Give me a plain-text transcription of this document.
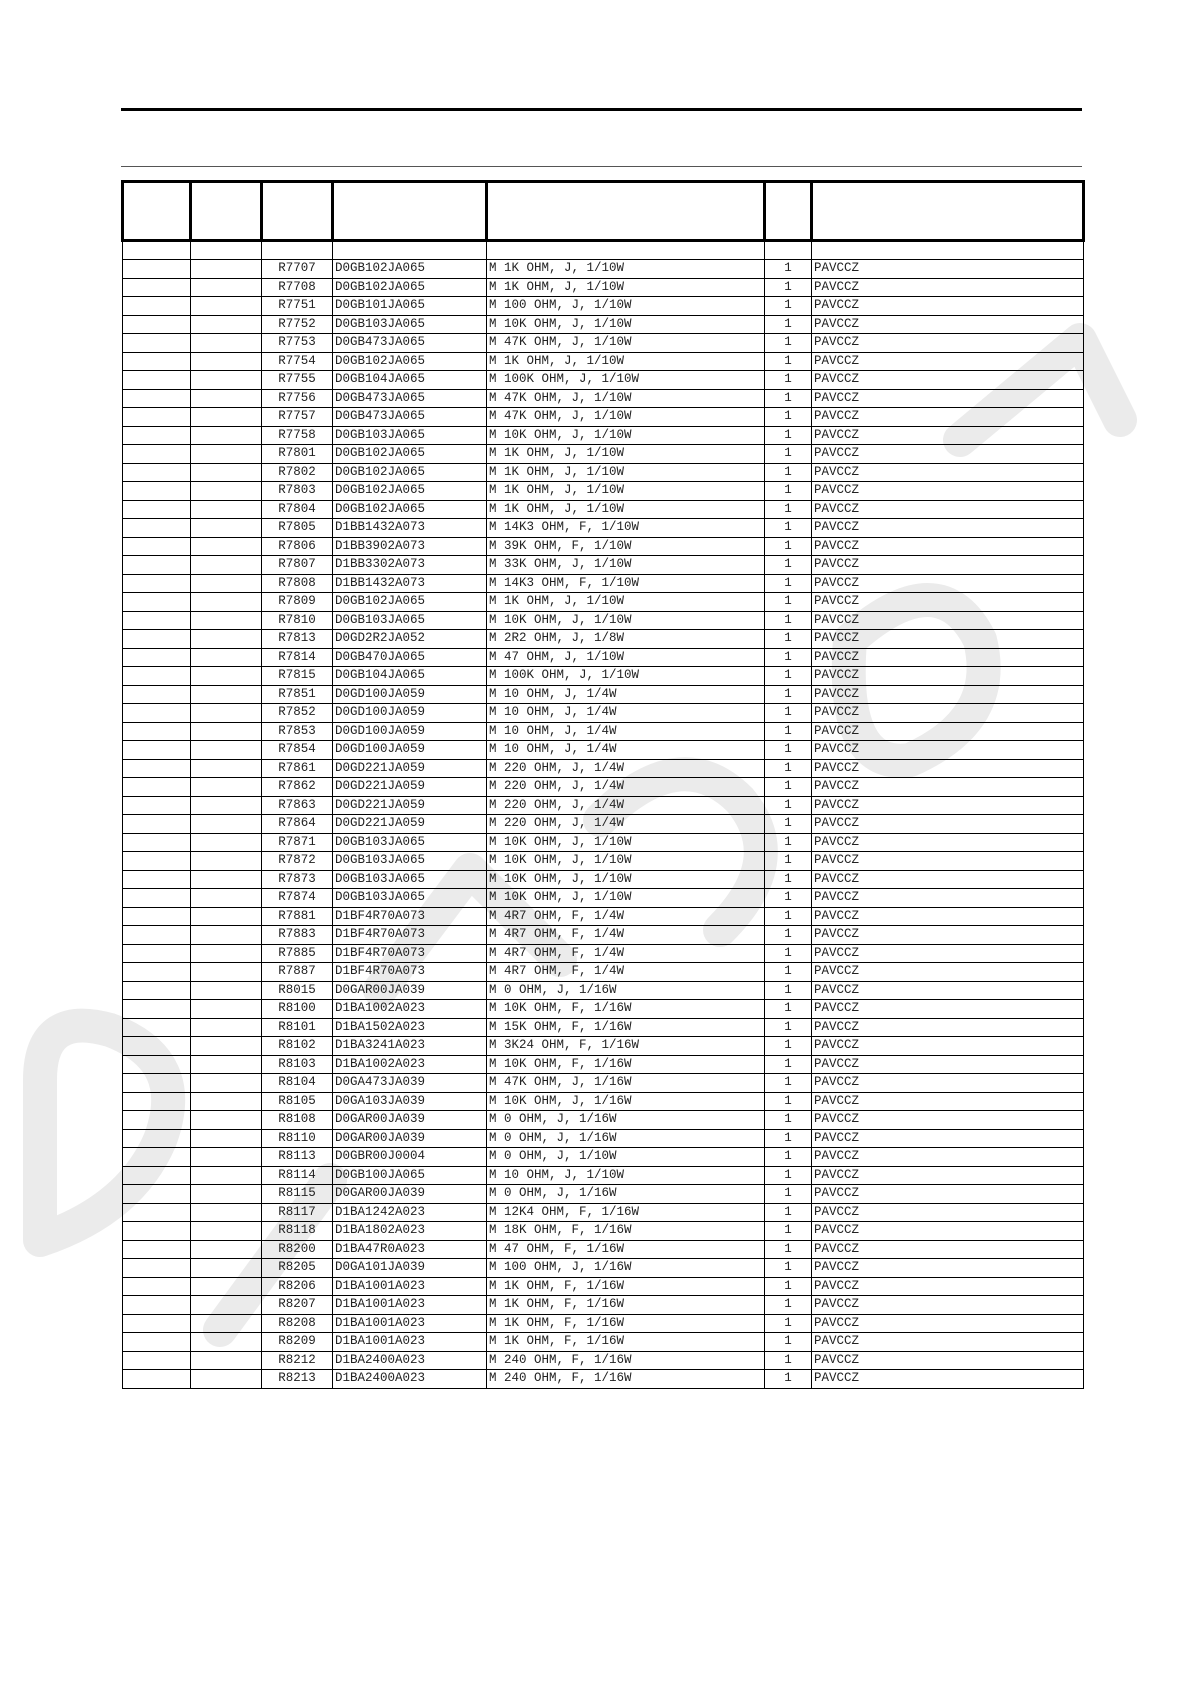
		R7707	D0GB102JA065	M 1K OHM, J, 1/10W	1	PAVCCZ
		R7708	D0GB102JA065	M 1K OHM, J, 1/10W	1	PAVCCZ
		R7751	D0GB101JA065	M 100 OHM, J, 1/10W	1	PAVCCZ
		R7752	D0GB103JA065	M 10K OHM, J, 1/10W	1	PAVCCZ
		R7753	D0GB473JA065	M 47K OHM, J, 1/10W	1	PAVCCZ
		R7754	D0GB102JA065	M 1K OHM, J, 1/10W	1	PAVCCZ
		R7755	D0GB104JA065	M 100K OHM, J, 1/10W	1	PAVCCZ
		R7756	D0GB473JA065	M 47K OHM, J, 1/10W	1	PAVCCZ
		R7757	D0GB473JA065	M 47K OHM, J, 1/10W	1	PAVCCZ
		R7758	D0GB103JA065	M 10K OHM, J, 1/10W	1	PAVCCZ
		R7801	D0GB102JA065	M 1K OHM, J, 1/10W	1	PAVCCZ
		R7802	D0GB102JA065	M 1K OHM, J, 1/10W	1	PAVCCZ
		R7803	D0GB102JA065	M 1K OHM, J, 1/10W	1	PAVCCZ
		R7804	D0GB102JA065	M 1K OHM, J, 1/10W	1	PAVCCZ
		R7805	D1BB1432A073	M 14K3 OHM, F, 1/10W	1	PAVCCZ
		R7806	D1BB3902A073	M 39K OHM, F, 1/10W	1	PAVCCZ
		R7807	D1BB3302A073	M 33K OHM, J, 1/10W	1	PAVCCZ
		R7808	D1BB1432A073	M 14K3 OHM, F, 1/10W	1	PAVCCZ
		R7809	D0GB102JA065	M 1K OHM, J, 1/10W	1	PAVCCZ
		R7810	D0GB103JA065	M 10K OHM, J, 1/10W	1	PAVCCZ
		R7813	D0GD2R2JA052	M 2R2 OHM, J, 1/8W	1	PAVCCZ
		R7814	D0GB470JA065	M 47 OHM, J, 1/10W	1	PAVCCZ
		R7815	D0GB104JA065	M 100K OHM, J, 1/10W	1	PAVCCZ
		R7851	D0GD100JA059	M 10 OHM, J, 1/4W	1	PAVCCZ
		R7852	D0GD100JA059	M 10 OHM, J, 1/4W	1	PAVCCZ
		R7853	D0GD100JA059	M 10 OHM, J, 1/4W	1	PAVCCZ
		R7854	D0GD100JA059	M 10 OHM, J, 1/4W	1	PAVCCZ
		R7861	D0GD221JA059	M 220 OHM, J, 1/4W	1	PAVCCZ
		R7862	D0GD221JA059	M 220 OHM, J, 1/4W	1	PAVCCZ
		R7863	D0GD221JA059	M 220 OHM, J, 1/4W	1	PAVCCZ
		R7864	D0GD221JA059	M 220 OHM, J, 1/4W	1	PAVCCZ
		R7871	D0GB103JA065	M 10K OHM, J, 1/10W	1	PAVCCZ
		R7872	D0GB103JA065	M 10K OHM, J, 1/10W	1	PAVCCZ
		R7873	D0GB103JA065	M 10K OHM, J, 1/10W	1	PAVCCZ
		R7874	D0GB103JA065	M 10K OHM, J, 1/10W	1	PAVCCZ
		R7881	D1BF4R70A073	M 4R7 OHM, F, 1/4W	1	PAVCCZ
		R7883	D1BF4R70A073	M 4R7 OHM, F, 1/4W	1	PAVCCZ
		R7885	D1BF4R70A073	M 4R7 OHM, F, 1/4W	1	PAVCCZ
		R7887	D1BF4R70A073	M 4R7 OHM, F, 1/4W	1	PAVCCZ
		R8015	D0GAR00JA039	M 0 OHM, J, 1/16W	1	PAVCCZ
		R8100	D1BA1002A023	M 10K OHM, F, 1/16W	1	PAVCCZ
		R8101	D1BA1502A023	M 15K OHM, F, 1/16W	1	PAVCCZ
		R8102	D1BA3241A023	M 3K24 OHM, F, 1/16W	1	PAVCCZ
		R8103	D1BA1002A023	M 10K OHM, F, 1/16W	1	PAVCCZ
		R8104	D0GA473JA039	M 47K OHM, J, 1/16W	1	PAVCCZ
		R8105	D0GA103JA039	M 10K OHM, J, 1/16W	1	PAVCCZ
		R8108	D0GAR00JA039	M 0 OHM, J, 1/16W	1	PAVCCZ
		R8110	D0GAR00JA039	M 0 OHM, J, 1/16W	1	PAVCCZ
		R8113	D0GBR00J0004	M 0 OHM, J, 1/10W	1	PAVCCZ
		R8114	D0GB100JA065	M 10 OHM, J, 1/10W	1	PAVCCZ
		R8115	D0GAR00JA039	M 0 OHM, J, 1/16W	1	PAVCCZ
		R8117	D1BA1242A023	M 12K4 OHM, F, 1/16W	1	PAVCCZ
		R8118	D1BA1802A023	M 18K OHM, F, 1/16W	1	PAVCCZ
		R8200	D1BA47R0A023	M 47 OHM, F, 1/16W	1	PAVCCZ
		R8205	D0GA101JA039	M 100 OHM, J, 1/16W	1	PAVCCZ
		R8206	D1BA1001A023	M 1K OHM, F, 1/16W	1	PAVCCZ
		R8207	D1BA1001A023	M 1K OHM, F, 1/16W	1	PAVCCZ
		R8208	D1BA1001A023	M 1K OHM, F, 1/16W	1	PAVCCZ
		R8209	D1BA1001A023	M 1K OHM, F, 1/16W	1	PAVCCZ
		R8212	D1BA2400A023	M 240 OHM, F, 1/16W	1	PAVCCZ
		R8213	D1BA2400A023	M 240 OHM, F, 1/16W	1	PAVCCZ
